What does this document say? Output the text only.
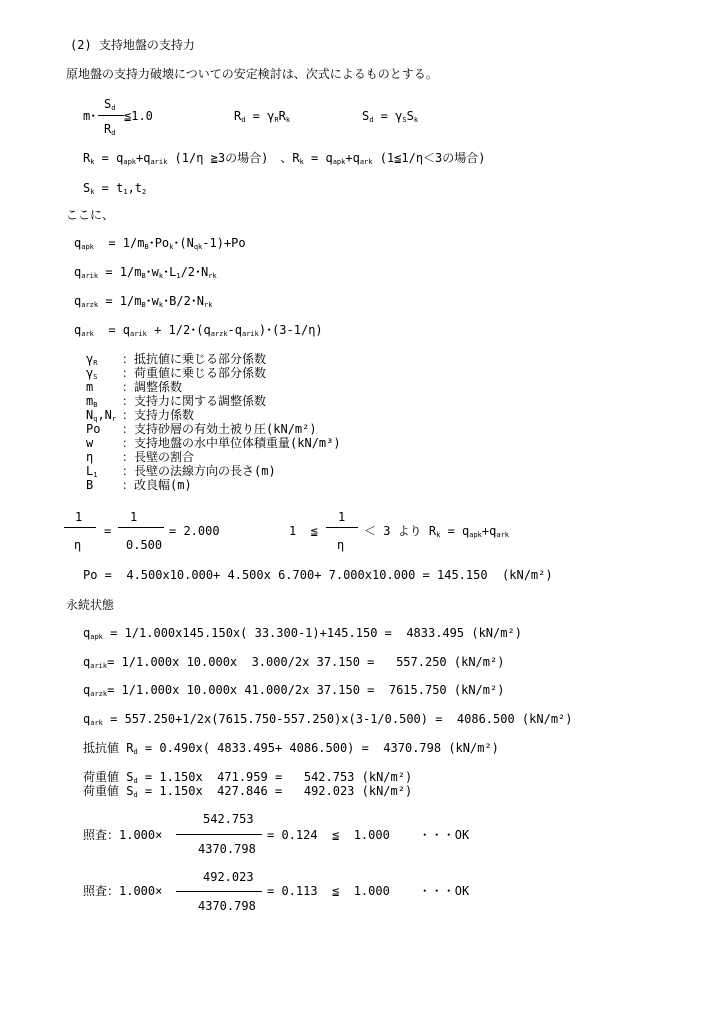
(2) 支持地盤の支持力
原地盤の支持力破壊についての安定検討は、次式によるものとする。
m･
Sd
Rd
≦1.0	Rd = γRRk	Sd = γSSk
Rk = qapk+qarik (1/η ≧3の場合)　、Rk = qapk+qark (1≦1/η＜3の場合)
Sk = t1,t2
ここに、
qapk  = 1/mB･Pok･(Nqk-1)+Po
qarik = 1/mB･wk･L1/2･Nrk
qarzk = 1/mB･wk･B/2･Nrk
qark  = qarik + 1/2･(qarzk-qarik)･(3-1/η)
γR ：抵抗値に乗じる部分係数
γS ：荷重値に乗じる部分係数
m ：調整係数
mB ：支持力に関する調整係数
Nq,Nr ：支持力係数
Po ：支持砂層の有効土被り圧(kN/m²)
w ：支持地盤の水中単位体積重量(kN/m³)
η ：長壁の割合
L1 ：長壁の法線方向の長さ(m)
B ：改良幅(m)
1
η
=
1
0.500
= 2.000	1  ≦
1
η
＜ 3 より Rk = qapk+qark
Po =  4.500x10.000+ 4.500x 6.700+ 7.000x10.000 = 145.150  (kN/m²)
永続状態
qapk = 1/1.000x145.150x( 33.300-1)+145.150 =  4833.495 (kN/m²)
qarik= 1/1.000x 10.000x  3.000/2x 37.150 =   557.250 (kN/m²)
qarzk= 1/1.000x 10.000x 41.000/2x 37.150 =  7615.750 (kN/m²)
qark = 557.250+1/2x(7615.750-557.250)x(3-1/0.500) =  4086.500 (kN/m²)
抵抗値 Rd = 0.490x( 4833.495+ 4086.500) =  4370.798 (kN/m²)
荷重値 Sd = 1.150x  471.959 =   542.753 (kN/m²)
荷重値 Sd = 1.150x  427.846 =   492.023 (kN/m²)
照査：1.000×
542.753
4370.798
= 0.124  ≦  1.000    ・・・OK
照査：1.000×
492.023
4370.798
= 0.113  ≦  1.000    ・・・OK
